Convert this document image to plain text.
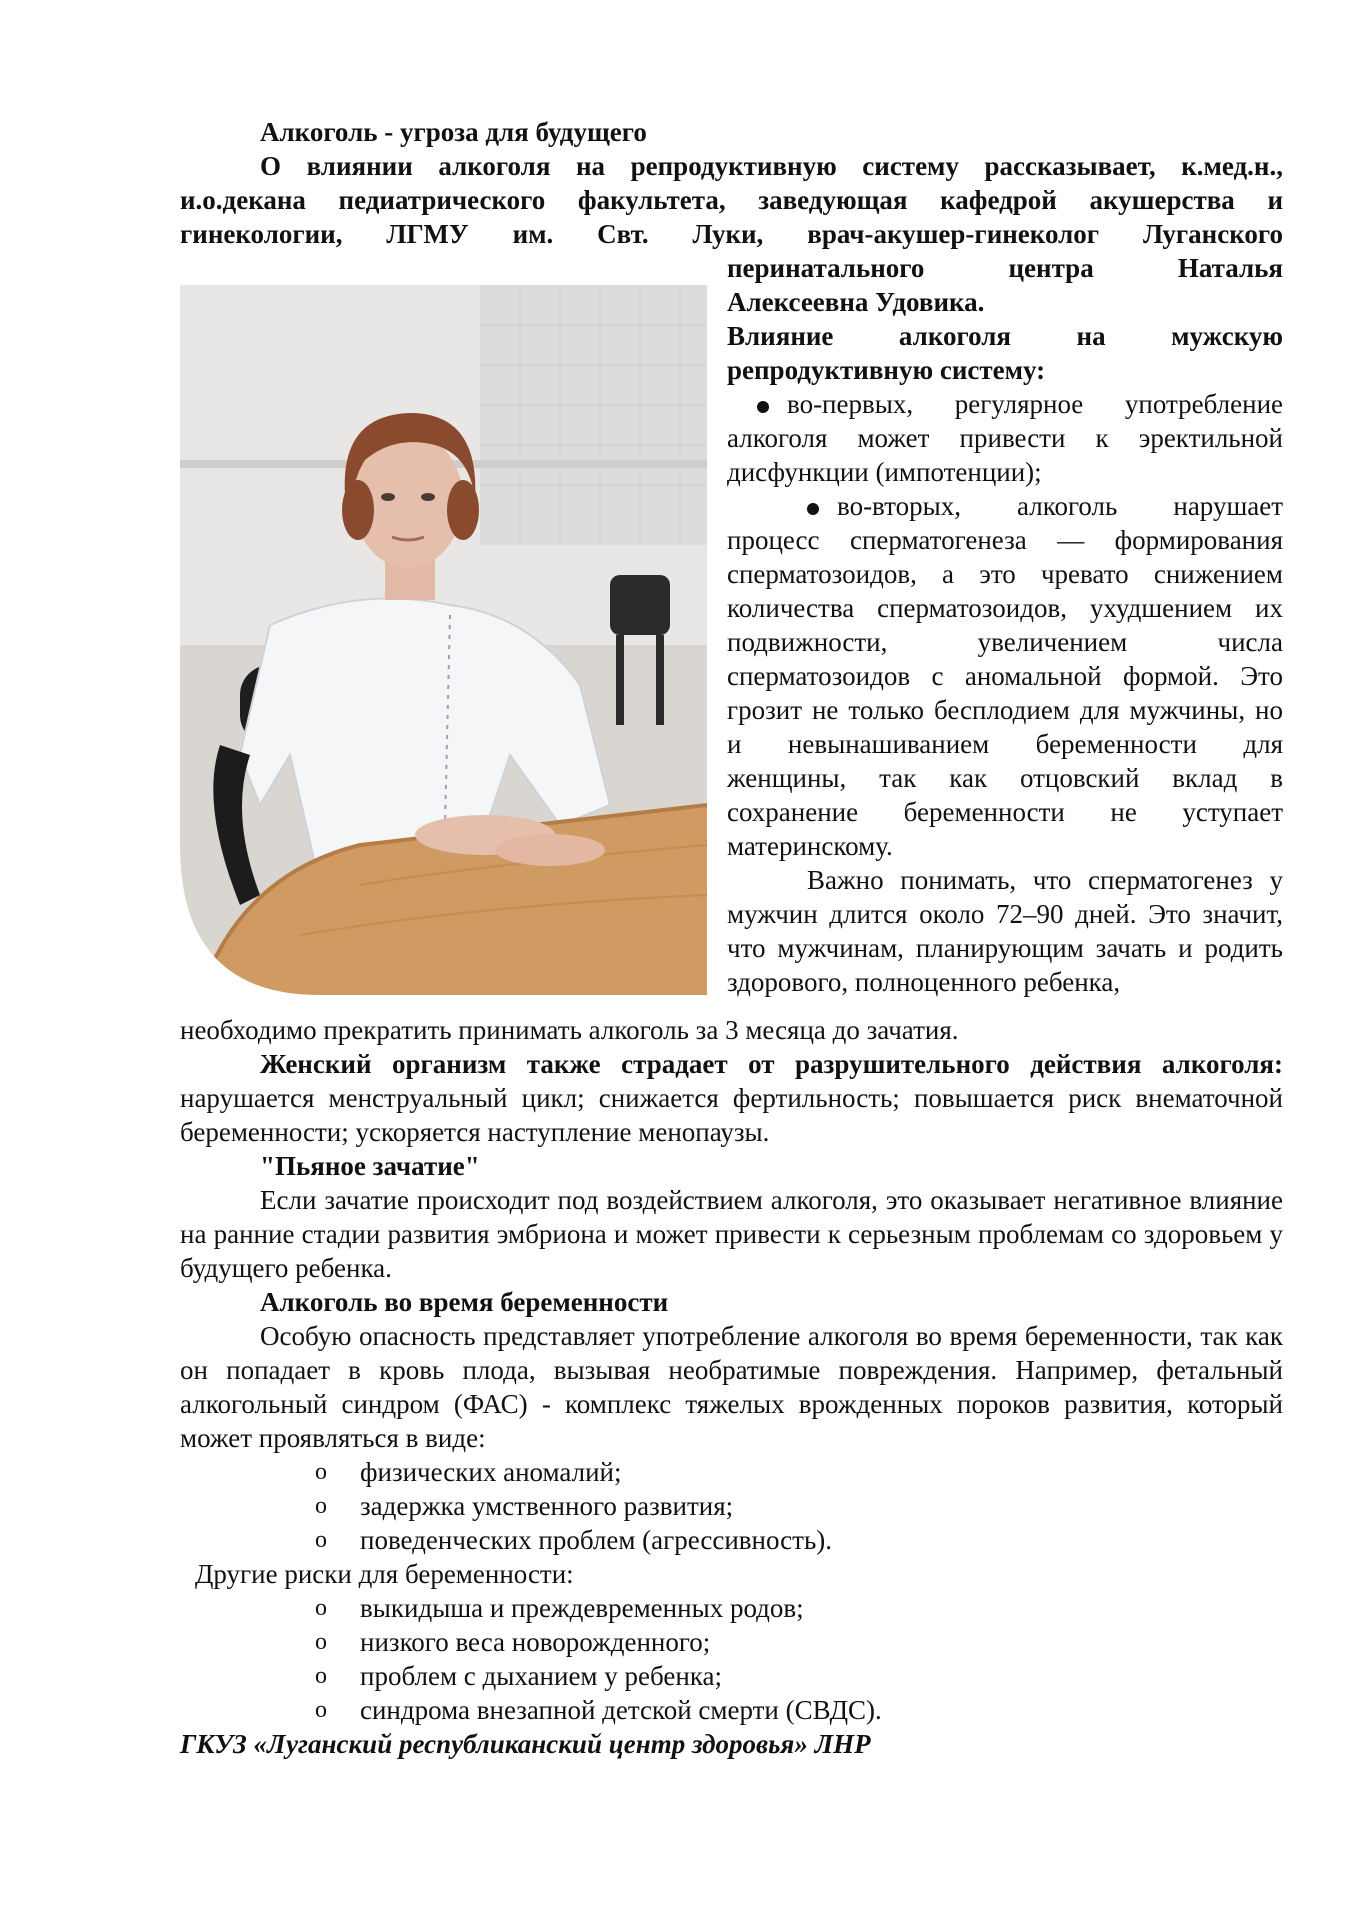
Алкоголь - угроза для будущего

О влиянии алкоголя на репродуктивную систему рассказывает, к.мед.н.,

и.о.декана педиатрического факультета, заведующая кафедрой акушерства и

гинекологии, ЛГМУ им. Свт. Луки, врач-акушер-гинеколог Луганского

перинатального центра Наталья

Алексеевна Удовика.

Влияние алкоголя на мужскую репродуктивную систему:

во-первых, регулярное употребление алкоголя может привести к эректильной дисфункции (импотенции);

во-вторых, алкоголь нарушает процесс сперматогенеза — формирования сперматозоидов, а это чревато снижением количества сперматозоидов, ухудшением их подвижности, увеличением числа сперматозоидов с аномальной формой. Это грозит не только бесплодием для мужчины, но и невынашиванием беременности для женщины, так как отцовский вклад в сохранение беременности не уступает материнскому.

Важно понимать, что сперматогенез у мужчин длится около 72–90 дней. Это значит, что мужчинам, планирующим зачать и родить здорового, полноценного ребенка,

необходимо прекратить принимать алкоголь за 3 месяца до зачатия.

Женский организм также страдает от разрушительного действия алкоголя: нарушается менструальный цикл; снижается фертильность; повышается риск внематочной беременности; ускоряется наступление менопаузы.

"Пьяное зачатие"

Если зачатие происходит под воздействием алкоголя, это оказывает негативное влияние на ранние стадии развития эмбриона и может привести к серьезным проблемам со здоровьем у будущего ребенка.

Алкоголь во время беременности

Особую опасность представляет употребление алкоголя во время беременности, так как он попадает в кровь плода, вызывая необратимые повреждения. Например, фетальный алкогольный синдром (ФАС) - комплекс тяжелых врожденных пороков развития, который может проявляться в виде:

o физических аномалий;
o задержка умственного развития;
o поведенческих проблем (агрессивность).

Другие риски для беременности:

o выкидыша и преждевременных родов;
o низкого веса новорожденного;
o проблем с дыханием у ребенка;
o синдрома внезапной детской смерти (СВДС).

ГКУЗ «Луганский республиканский центр здоровья» ЛНР
